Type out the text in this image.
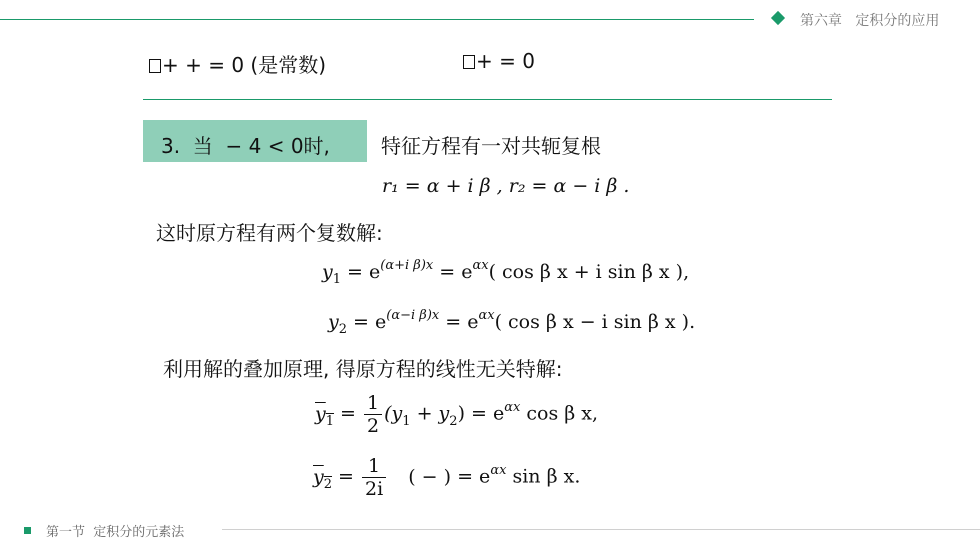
第六章   定积分的应用
+ + = 0 (是常数)	+ = 0
3.  当  − 4 < 0时,	特征方程有一对共轭复根
r₁ = α + i β , r₂ = α − i β .
这时原方程有两个复数解:
$y_1 = e^{(\alpha+i \beta)x} = e^{\alpha x}$( cos β x + i sin β x ),
$y_2 = e^{(\alpha-i \beta)x} = e^{\alpha x}$( cos β x − i sin β x ).
利用解的叠加原理, 得原方程的线性无关特解:
$y_1 = \frac{1}{2} (y_1 + y_2) = e^{\alpha x}$ cos β x,
$y_2 = \frac{1}{2i}$ ( − ) = $e^{\alpha x}$ sin β x.
第一节  定积分的元素法
